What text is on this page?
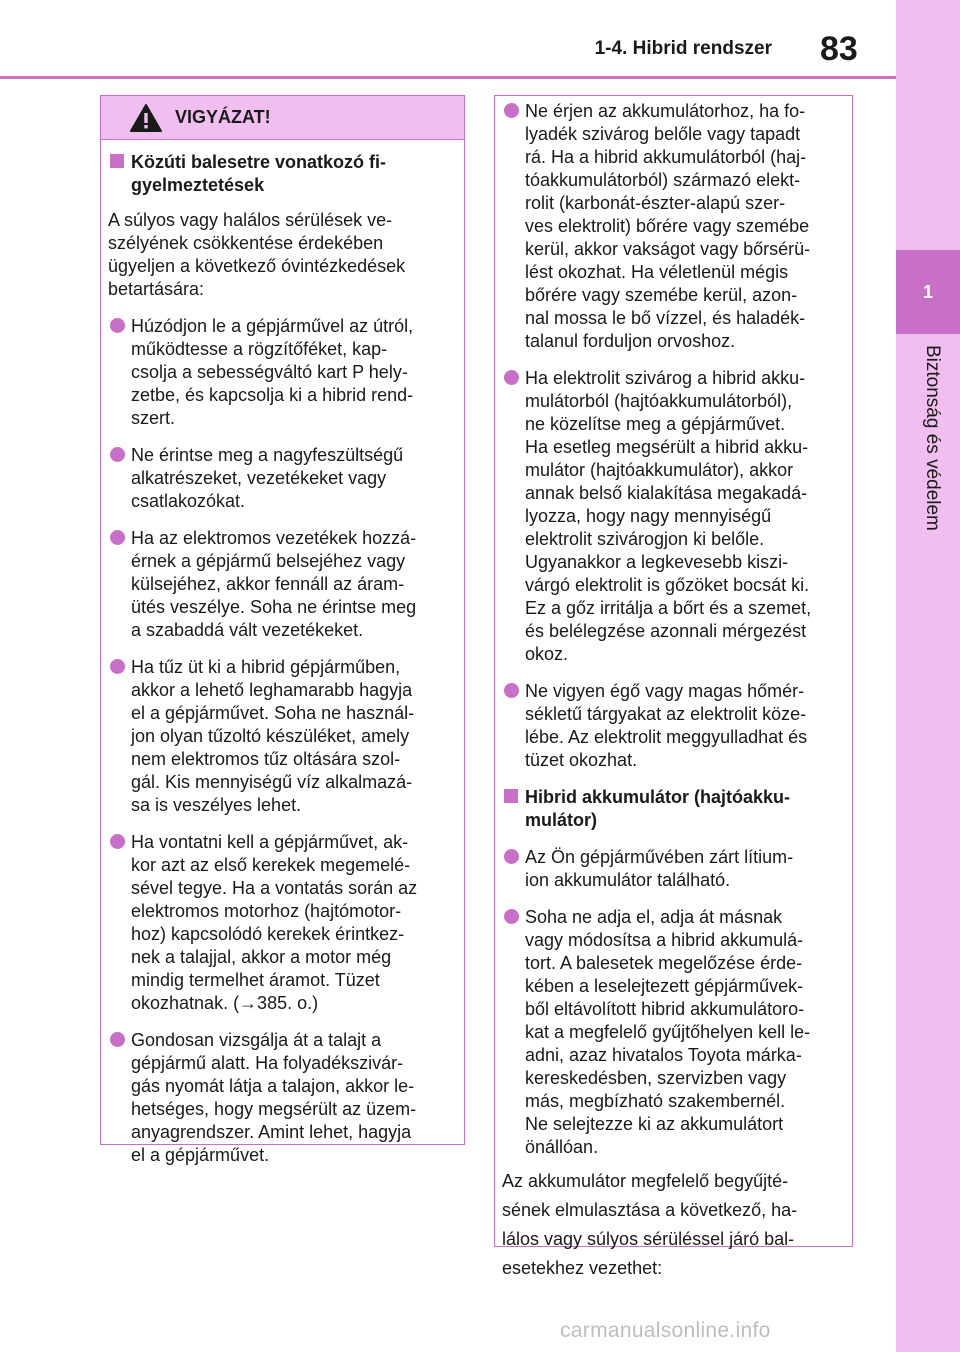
1-4. Hibrid rendszer 83
1
Biztonság és védelem
VIGYÁZAT!
Közúti balesetre vonatkozó fi-
gyelmeztetések
A súlyos vagy halálos sérülések ve-
szélyének csökkentése érdekében
ügyeljen a következő óvintézkedések
betartására:
Húzódjon le a gépjárművel az útról,
működtesse a rögzítőféket, kap-
csolja a sebességváltó kart P hely-
zetbe, és kapcsolja ki a hibrid rend-
szert.
Ne érintse meg a nagyfeszültségű
alkatrészeket, vezetékeket vagy
csatlakozókat.
Ha az elektromos vezetékek hozzá-
érnek a gépjármű belsejéhez vagy
külsejéhez, akkor fennáll az áram-
ütés veszélye. Soha ne érintse meg
a szabaddá vált vezetékeket.
Ha tűz üt ki a hibrid gépjárműben,
akkor a lehető leghamarabb hagyja
el a gépjárművet. Soha ne használ-
jon olyan tűzoltó készüléket, amely
nem elektromos tűz oltására szol-
gál. Kis mennyiségű víz alkalmazá-
sa is veszélyes lehet.
Ha vontatni kell a gépjárművet, ak-
kor azt az első kerekek megemelé-
sével tegye. Ha a vontatás során az
elektromos motorhoz (hajtómotor-
hoz) kapcsolódó kerekek érintkez-
nek a talajjal, akkor a motor még
mindig termelhet áramot. Tüzet
okozhatnak. (→385. o.)
Gondosan vizsgálja át a talajt a
gépjármű alatt. Ha folyadékszivár-
gás nyomát látja a talajon, akkor le-
hetséges, hogy megsérült az üzem-
anyagrendszer. Amint lehet, hagyja
el a gépjárművet.
Ne érjen az akkumulátorhoz, ha fo-
lyadék szivárog belőle vagy tapadt
rá. Ha a hibrid akkumulátorból (haj-
tóakkumulátorból) származó elekt-
rolit (karbonát-észter-alapú szer-
ves elektrolit) bőrére vagy szemébe
kerül, akkor vakságot vagy bőrsérü-
lést okozhat. Ha véletlenül mégis
bőrére vagy szemébe kerül, azon-
nal mossa le bő vízzel, és haladék-
talanul forduljon orvoshoz.
Ha elektrolit szivárog a hibrid akku-
mulátorból (hajtóakkumulátorból),
ne közelítse meg a gépjárművet.
Ha esetleg megsérült a hibrid akku-
mulátor (hajtóakkumulátor), akkor
annak belső kialakítása megakadá-
lyozza, hogy nagy mennyiségű
elektrolit szivárogjon ki belőle.
Ugyanakkor a legkevesebb kiszi-
várgó elektrolit is gőzöket bocsát ki.
Ez a gőz irritálja a bőrt és a szemet,
és belélegzése azonnali mérgezést
okoz.
Ne vigyen égő vagy magas hőmér-
sékletű tárgyakat az elektrolit köze-
lébe. Az elektrolit meggyulladhat és
tüzet okozhat.
Hibrid akkumulátor (hajtóakku-
mulátor)
Az Ön gépjárművében zárt lítium-
ion akkumulátor található.
Soha ne adja el, adja át másnak
vagy módosítsa a hibrid akkumulá-
tort. A balesetek megelőzése érde-
kében a leselejtezett gépjárművek-
ből eltávolított hibrid akkumulátoro-
kat a megfelelő gyűjtőhelyen kell le-
adni, azaz hivatalos Toyota márka-
kereskedésben, szervizben vagy
más, megbízható szakembernél.
Ne selejtezze ki az akkumulátort
önállóan.
Az akkumulátor megfelelő begyűjté-
sének elmulasztása a következő, ha-
lálos vagy súlyos sérüléssel járó bal-
esetekhez vezethet:
carmanualsonline.info
